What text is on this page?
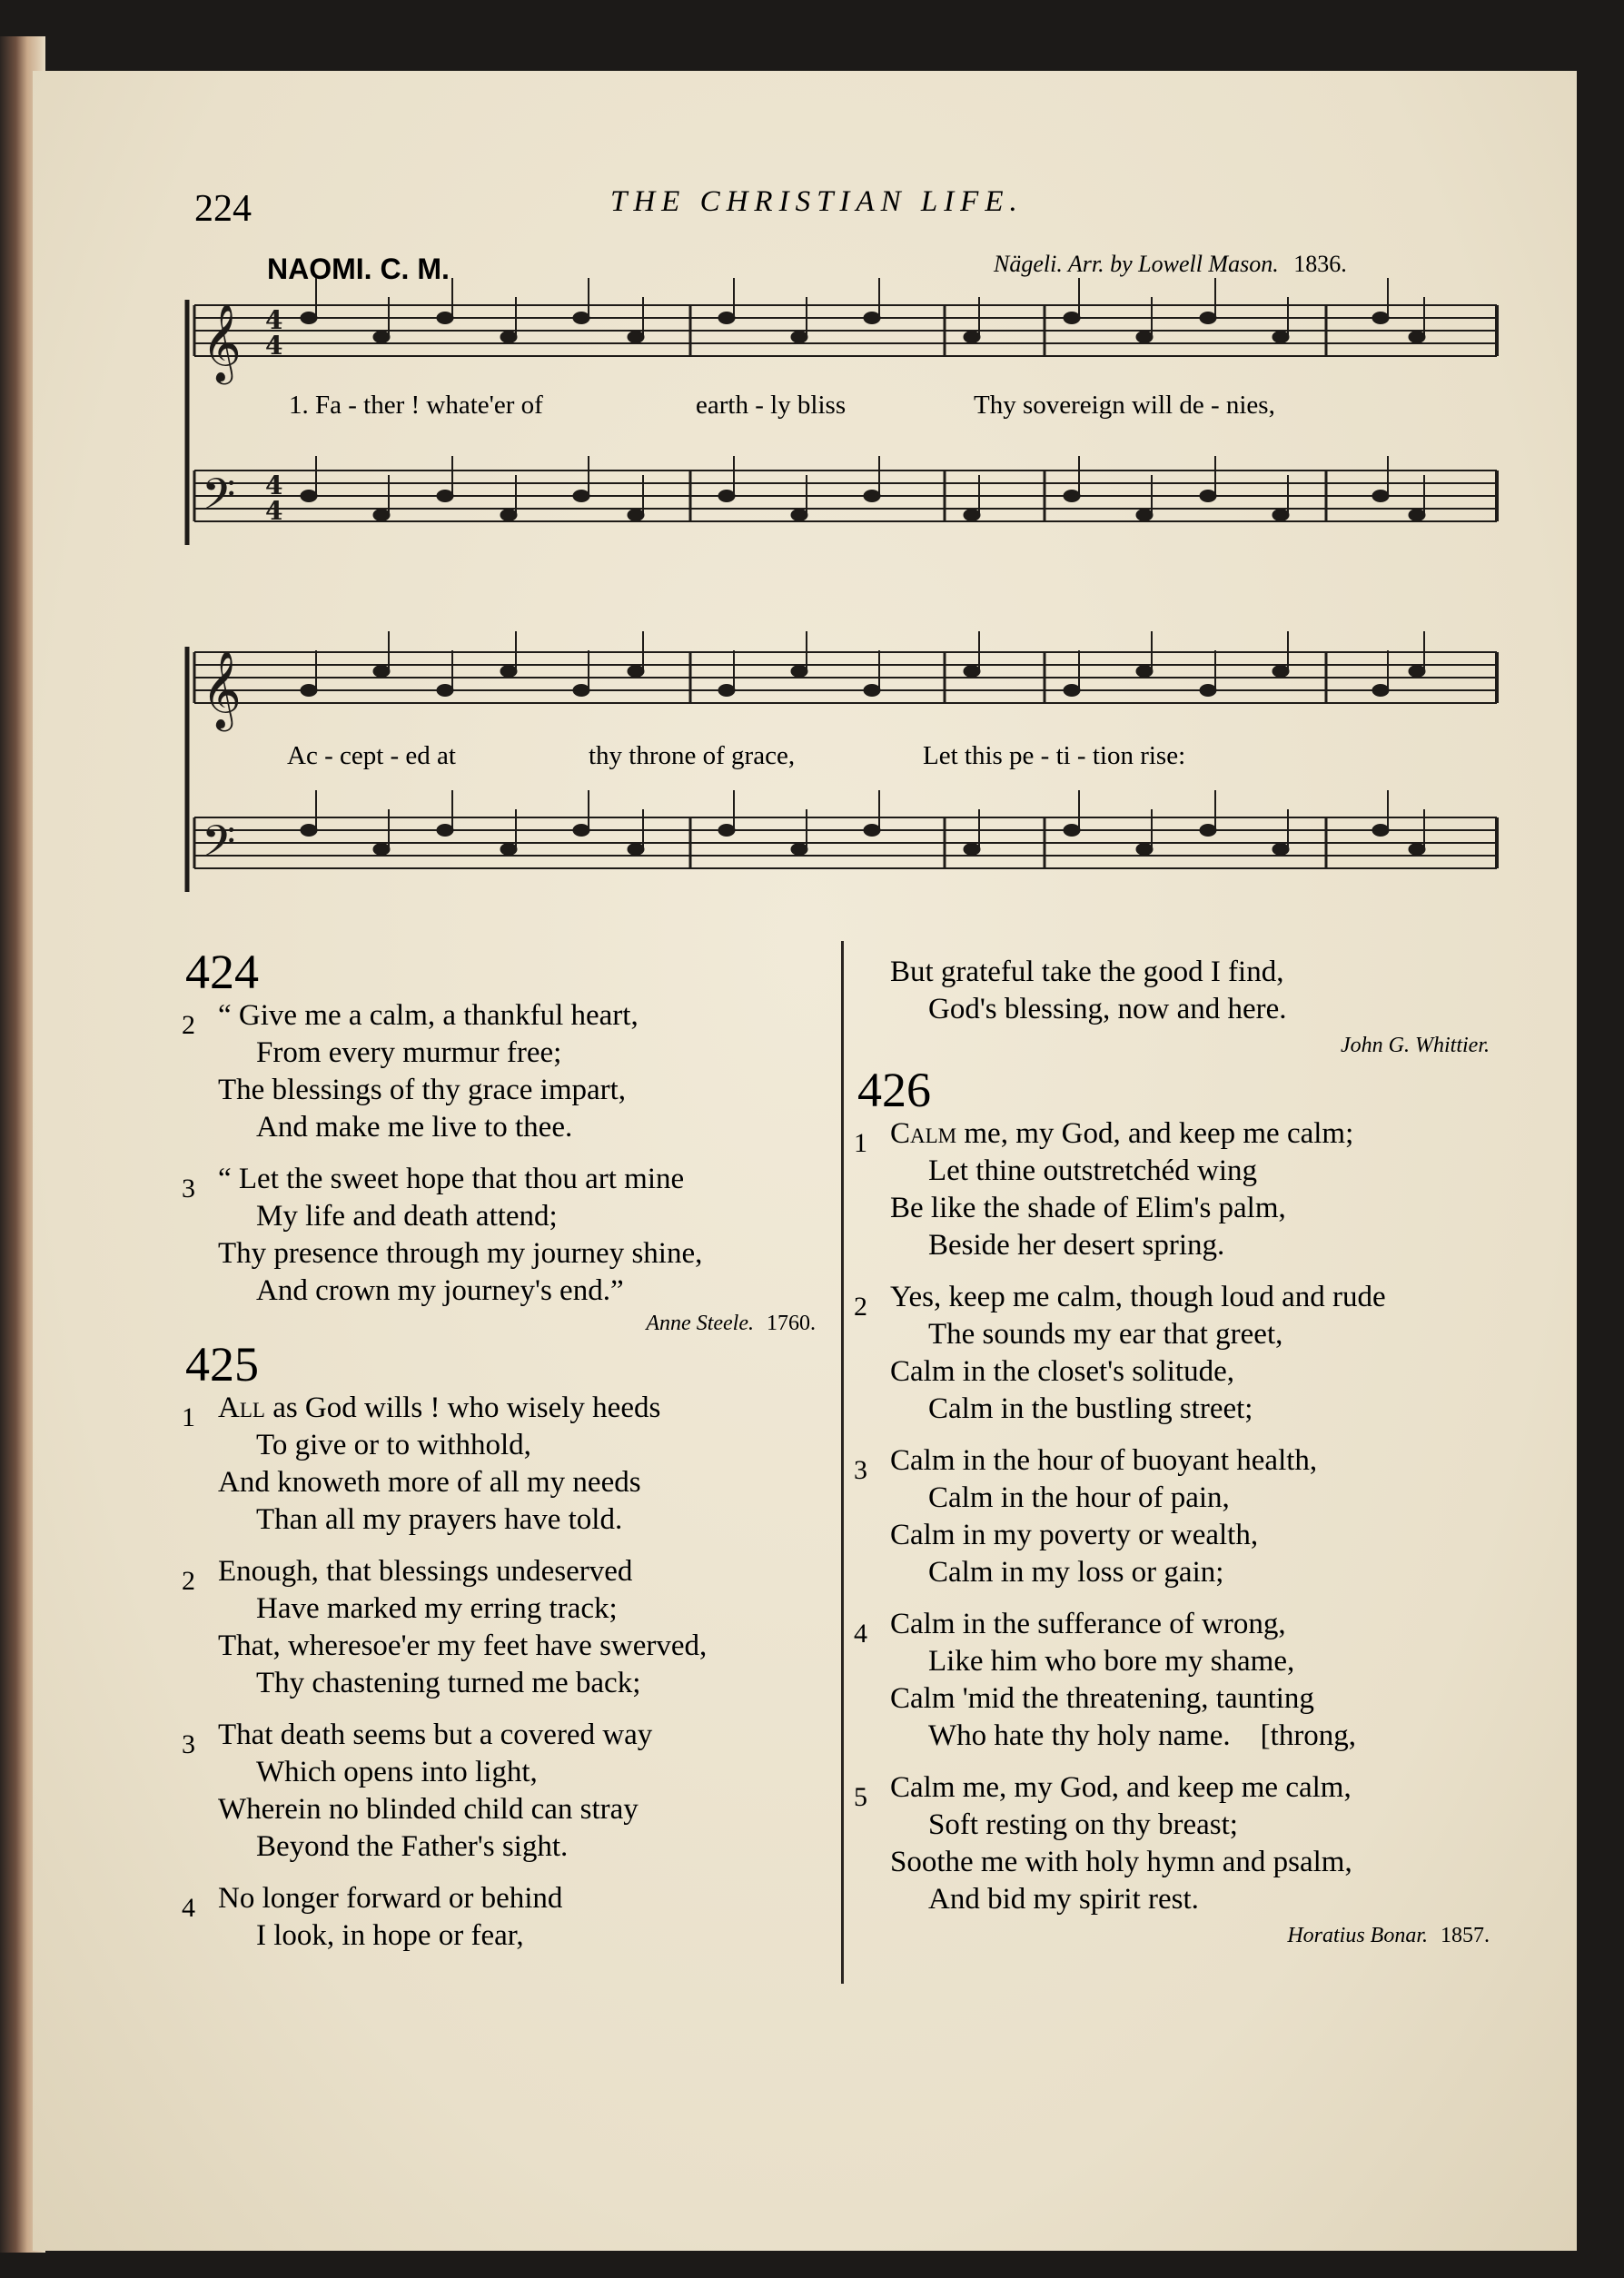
224	THE CHRISTIAN LIFE.
NAOMI. C. M.	Nägeli. Arr. by Lowell Mason. 1836.
𝄞 4
4
𝄢 4
4
𝄞
𝄢
1. Fa - ther ! whate'er of	earth - ly bliss	Thy sovereign will de - nies,
Ac - cept - ed at	thy throne of grace,	Let this pe - ti - tion rise:
424
2 “ Give me a calm, a thankful heart,
From every murmur free;
The blessings of thy grace impart,
And make me live to thee.
3 “ Let the sweet hope that thou art mine
My life and death attend;
Thy presence through my journey shine,
And crown my journey's end.”
Anne Steele. 1760.
425
1 All as God wills ! who wisely heeds
To give or to withhold,
And knoweth more of all my needs
Than all my prayers have told.
2 Enough, that blessings undeserved
Have marked my erring track;
That, wheresoe'er my feet have swerved,
Thy chastening turned me back;
3 That death seems but a covered way
Which opens into light,
Wherein no blinded child can stray
Beyond the Father's sight.
4 No longer forward or behind
I look, in hope or fear,
But grateful take the good I find,
God's blessing, now and here.
John G. Whittier.
426
1 Calm me, my God, and keep me calm;
Let thine outstretchéd wing
Be like the shade of Elim's palm,
Beside her desert spring.
2 Yes, keep me calm, though loud and rude
The sounds my ear that greet,
Calm in the closet's solitude,
Calm in the bustling street;
3 Calm in the hour of buoyant health,
Calm in the hour of pain,
Calm in my poverty or wealth,
Calm in my loss or gain;
4 Calm in the sufferance of wrong,
Like him who bore my shame,
Calm 'mid the threatening, taunting
Who hate thy holy name.    [throng,
5 Calm me, my God, and keep me calm,
Soft resting on thy breast;
Soothe me with holy hymn and psalm,
And bid my spirit rest.
Horatius Bonar. 1857.
